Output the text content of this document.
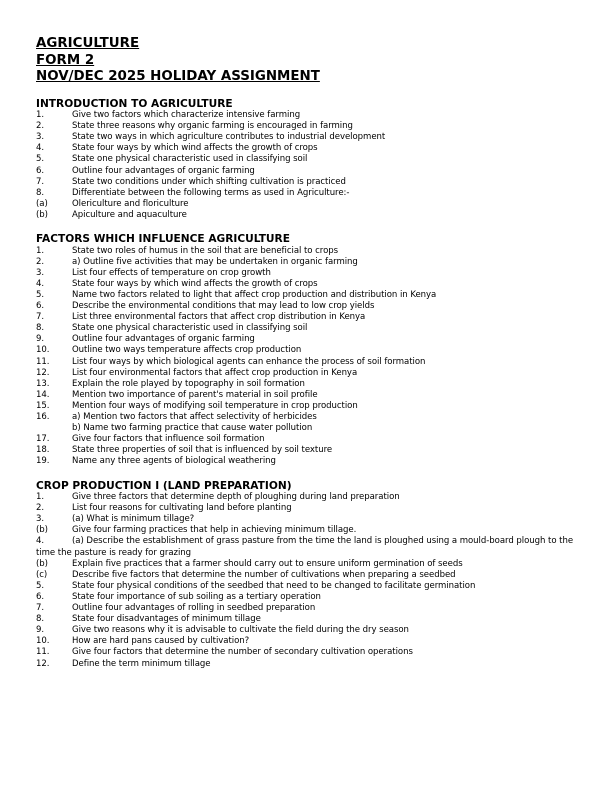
AGRICULTURE
FORM 2
NOV/DEC 2025 HOLIDAY ASSIGNMENT
INTRODUCTION TO AGRICULTURE
1.	Give two factors which characterize intensive farming
2.	State three reasons why organic farming is encouraged in farming
3.	State two ways in which agriculture contributes to industrial development
4.	State four ways by which wind affects the growth of crops
5.	State one physical characteristic used in classifying soil
6.	Outline four advantages of organic farming
7.	State two conditions under which shifting cultivation is practiced
8.	Differentiate between the following terms as used in Agriculture:-
(a)	Olericulture and floriculture
(b)	Apiculture and aquaculture
FACTORS WHICH INFLUENCE AGRICULTURE
1.	State two roles of humus in the soil that are beneficial to crops
2.	a) Outline five activities that may be undertaken in organic farming
3.	List four effects of temperature on crop growth
4.	State four ways by which wind affects the growth of crops
5.	Name two factors related to light that affect crop production and distribution in Kenya
6.	Describe the environmental conditions that may lead to low crop yields
7.	List three environmental factors that affect crop distribution in Kenya
8.	State one physical characteristic used in classifying soil
9.	Outline four advantages of organic farming
10.	Outline two ways temperature affects crop production
11.	List four ways by which biological agents can enhance the process of soil formation
12.	List four environmental factors that affect crop production in Kenya
13.	Explain the role played by topography in soil formation
14.	Mention two importance of parent's material in soil profile
15.	Mention four ways of modifying soil temperature in crop production
16.	a) Mention two factors that affect selectivity of herbicides
b) Name two farming practice that cause water pollution
17.	Give four factors that influence soil formation
18.	State three properties of soil that is influenced by soil texture
19.	Name any three agents of biological weathering
CROP PRODUCTION I (LAND PREPARATION)
1.	Give three factors that determine depth of ploughing during land preparation
2.	List four reasons for cultivating land before planting
3.	(a) What is minimum tillage?
(b)	Give four farming practices that help in achieving minimum tillage.
4.	(a) Describe the establishment of grass pasture from the time the land is ploughed using a mould-board plough to the time the pasture is ready for grazing
(b)	Explain five practices that a farmer should carry out to ensure uniform germination of seeds
(c)	Describe five factors that determine the number of cultivations when preparing a seedbed
5.	State four physical conditions of the seedbed that need to be changed to facilitate germination
6.	State four importance of sub soiling as a tertiary operation
7.	Outline four advantages of rolling in seedbed preparation
8.	State four disadvantages of minimum tillage
9.	Give two reasons why it is advisable to cultivate the field during the dry season
10.	How are hard pans caused by cultivation?
11.	Give four factors that determine the number of secondary cultivation operations
12.	Define the term minimum tillage
